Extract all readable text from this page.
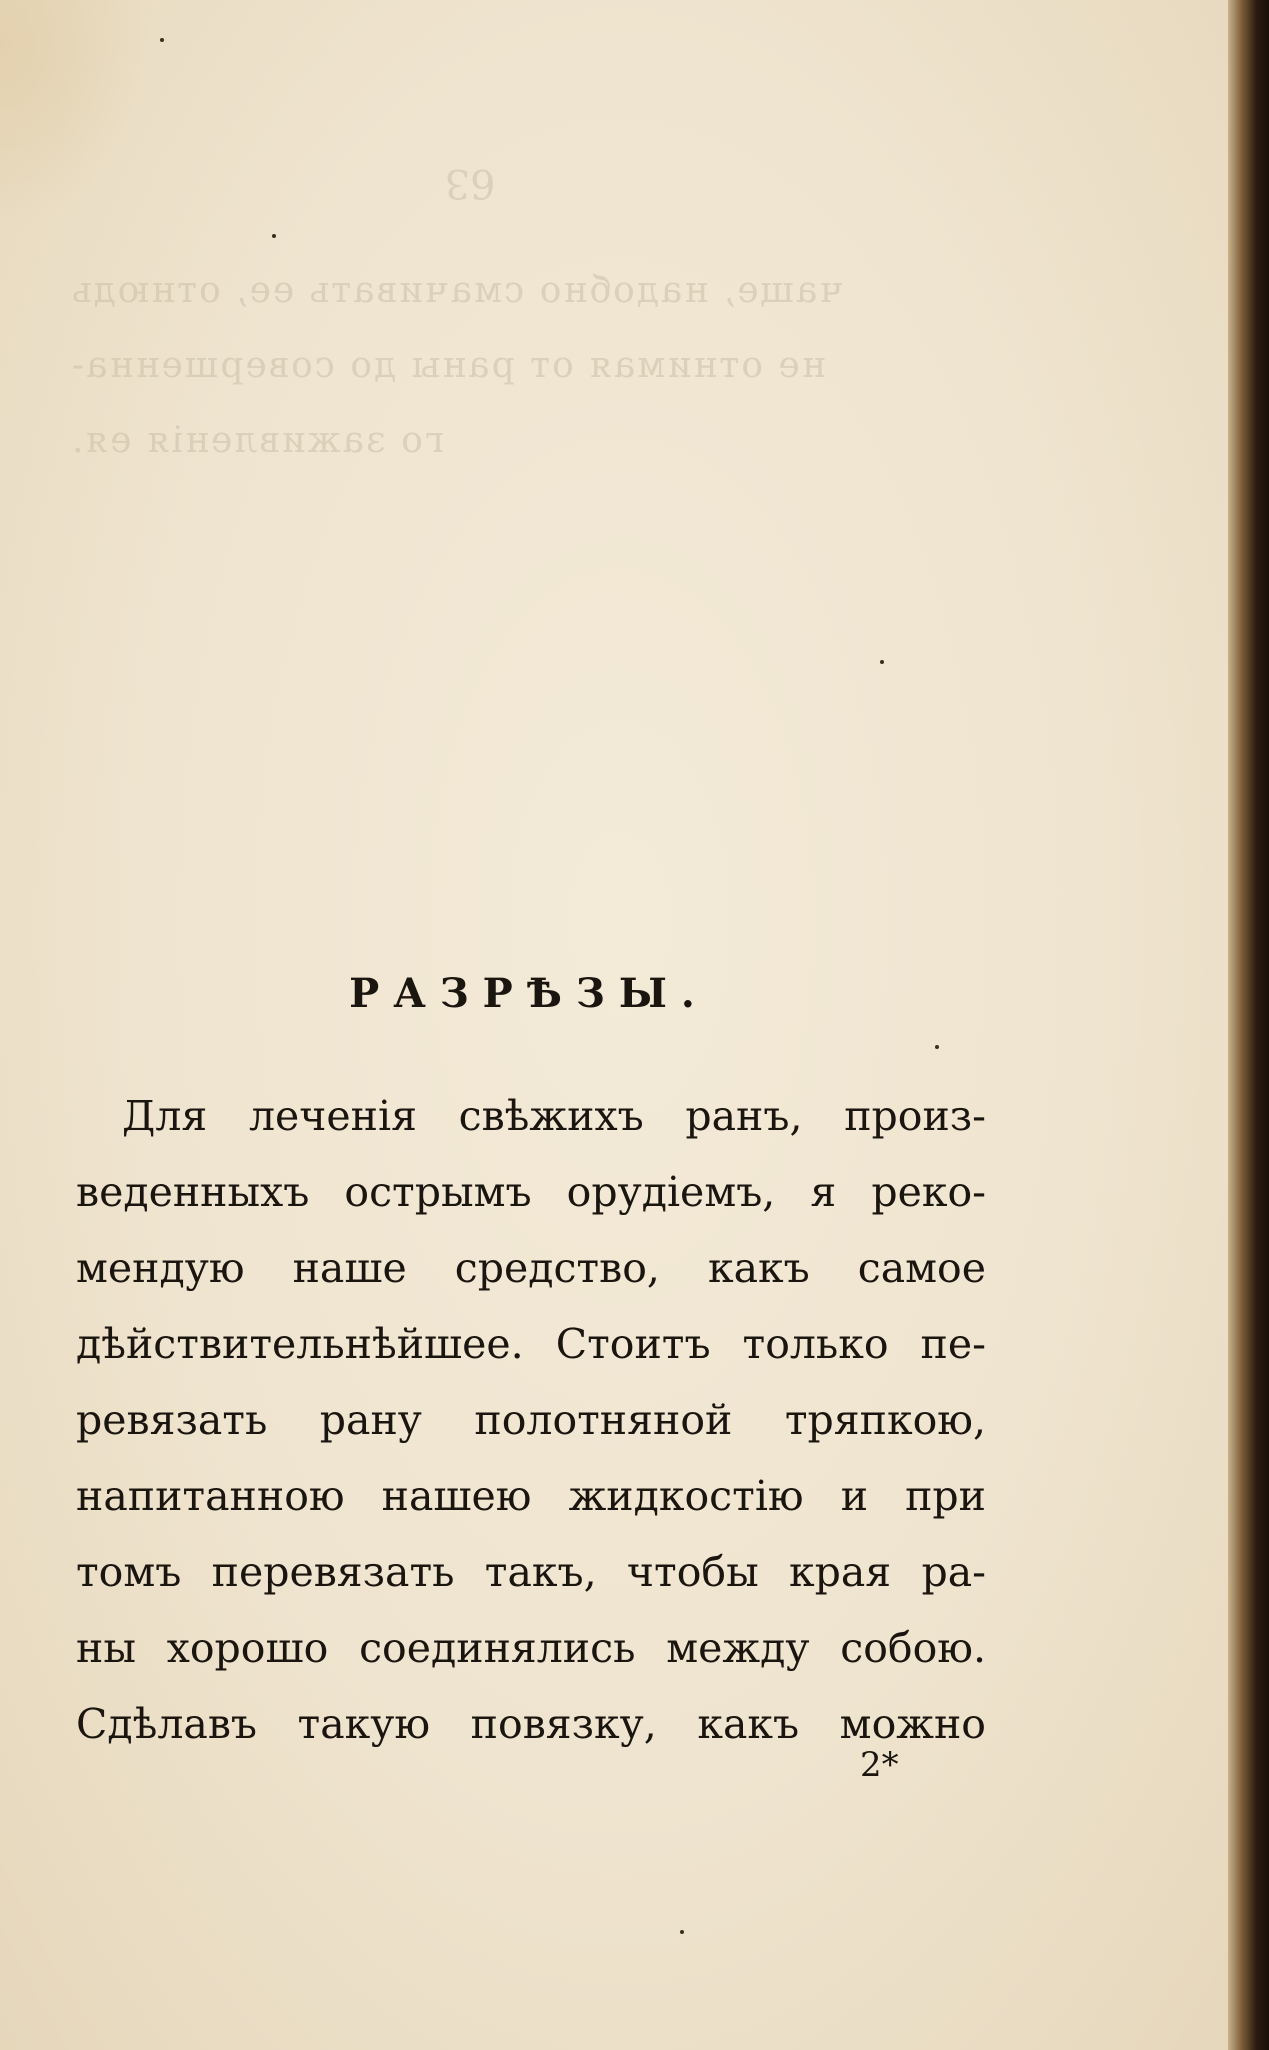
63
чаще, надобно смачивать ее, отнюдь
не отнимая от раны до совершенна-
го заживленія ея.
РАЗРѢЗЫ.
Для леченія свѣжихъ ранъ, произ-
веденныхъ острымъ орудіемъ, я реко-
мендую наше средство, какъ самое
дѣйствительнѣйшее. Стоитъ только пе-
ревязать рану полотняной тряпкою,
напитанною нашею жидкостію и при
томъ перевязать такъ, чтобы края ра-
ны хорошо соединялись между собою.
Сдѣлавъ такую повязку, какъ можно
2*
